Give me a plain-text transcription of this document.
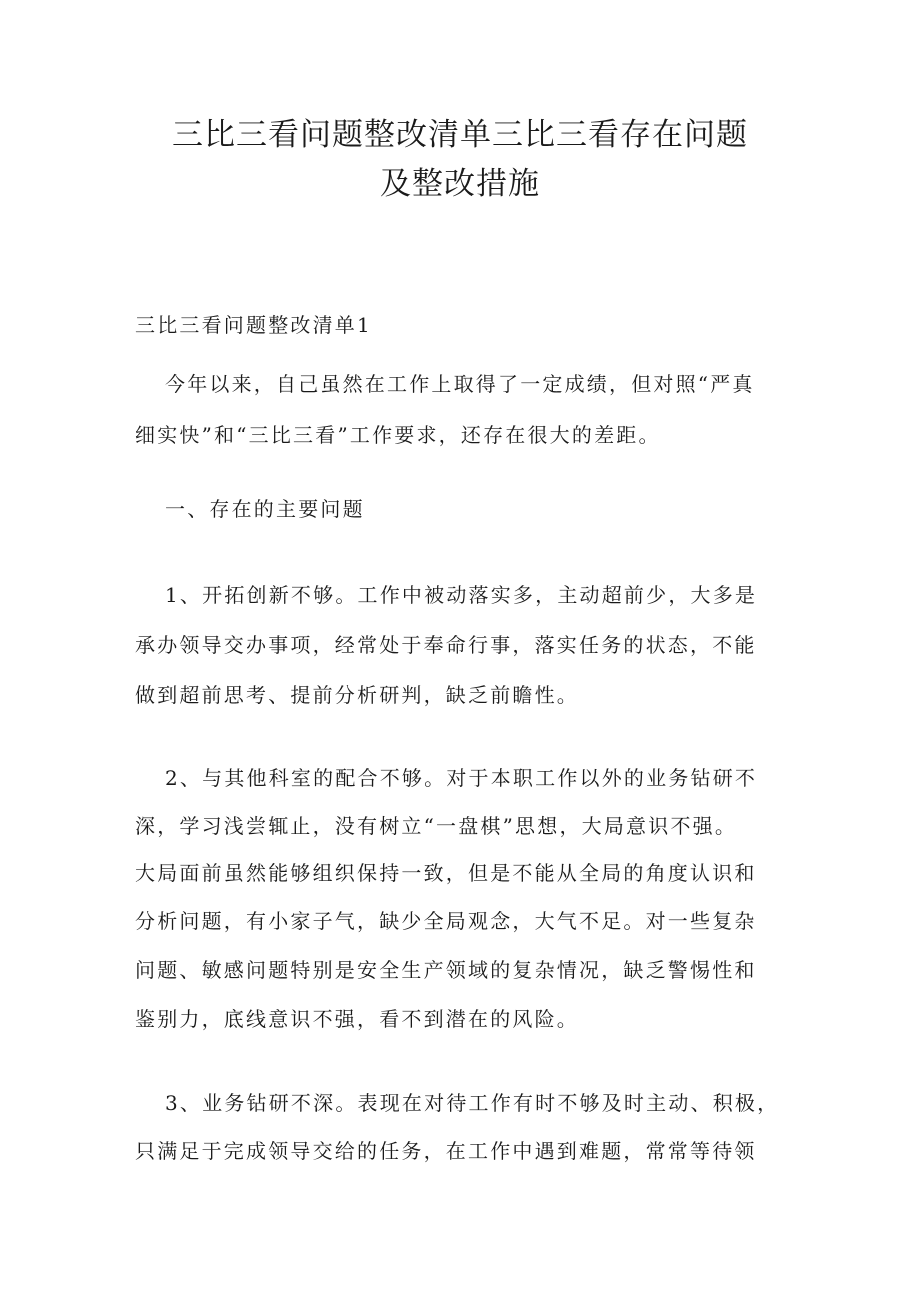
三比三看问题整改清单三比三看存在问题
及整改措施
三比三看问题整改清单1
今年以来，自己虽然在工作上取得了一定成绩，但对照“严真
细实快”和“三比三看”工作要求，还存在很大的差距。
一、存在的主要问题
1、开拓创新不够。工作中被动落实多，主动超前少，大多是
承办领导交办事项，经常处于奉命行事，落实任务的状态，不能
做到超前思考、提前分析研判，缺乏前瞻性。
2、与其他科室的配合不够。对于本职工作以外的业务钻研不
深，学习浅尝辄止，没有树立“一盘棋”思想，大局意识不强。
大局面前虽然能够组织保持一致，但是不能从全局的角度认识和
分析问题，有小家子气，缺少全局观念，大气不足。对一些复杂
问题、敏感问题特别是安全生产领域的复杂情况，缺乏警惕性和
鉴别力，底线意识不强，看不到潜在的风险。
3、业务钻研不深。表现在对待工作有时不够及时主动、积极，
只满足于完成领导交给的任务，在工作中遇到难题，常常等待领
